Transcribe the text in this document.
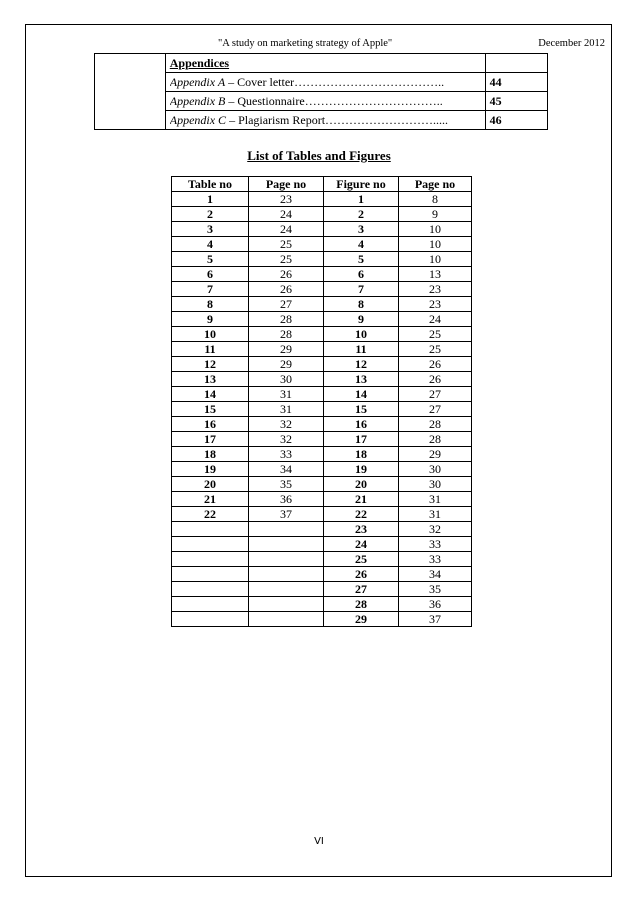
"A study on marketing strategy of Apple"	December 2012

	Appendices	

	Appendix A – Cover letter………………………………..	44

	Appendix B – Questionnaire……………………………..	45

	Appendix C – Plagiarism Report……………………….....	46
List of Tables and Figures
Table no	Page no	Figure no	Page no
1	23	1	8
2	24	2	9
3	24	3	10
4	25	4	10
5	25	5	10
6	26	6	13
7	26	7	23
8	27	8	23
9	28	9	24
10	28	10	25
11	29	11	25
12	29	12	26
13	30	13	26
14	31	14	27
15	31	15	27
16	32	16	28
17	32	17	28
18	33	18	29
19	34	19	30
20	35	20	30
21	36	21	31
22	37	22	31
		23	32
		24	33
		25	33
		26	34
		27	35
		28	36
		29	37
VI
